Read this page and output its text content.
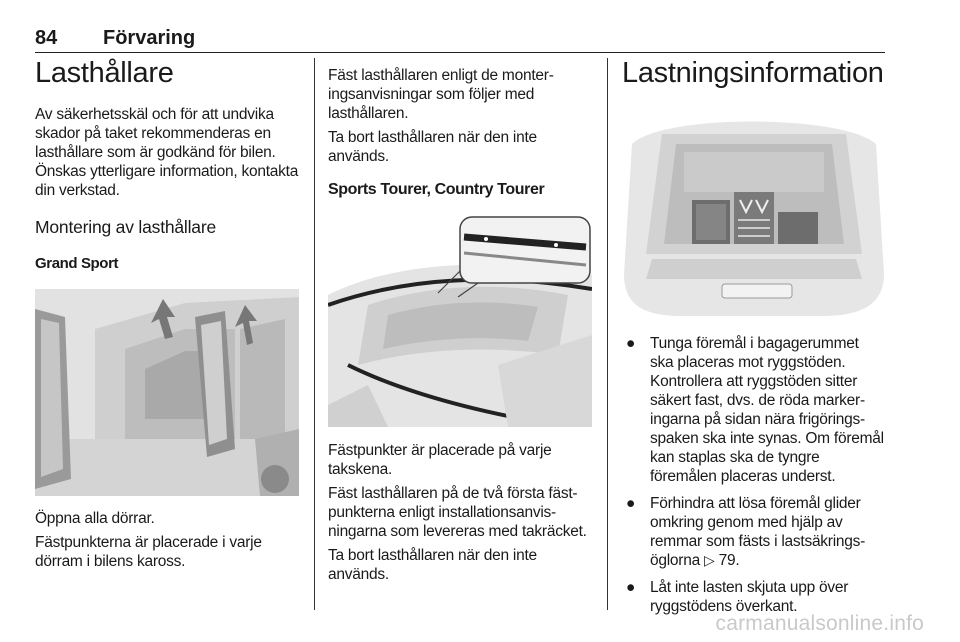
84 Förvaring
Lasthållare

Av säkerhetsskäl och för att undvika skador på taket rekommenderas en lasthållare som är godkänd för bilen. Önskas ytterligare information, kontakta din verkstad.

Montering av lasthållare
Grand Sport

Öppna alla dörrar.

Fästpunkterna är placerade i varje dörram i bilens kaross.

Fäst lasthållaren enligt de monteringsanvisningar som följer med lasthållaren.

Ta bort lasthållaren när den inte används.

Sports Tourer, Country Tourer

Fästpunkter är placerade på varje takskena.

Fäst lasthållaren på de två första fästpunkterna enligt installationsanvisningarna som levereras med takräcket.

Ta bort lasthållaren när den inte används.

Lastningsinformation
● Tunga föremål i bagagerummet ska placeras mot ryggstöden. Kontrollera att ryggstöden sitter säkert fast, dvs. de röda markeringarna på sidan nära frigöringsspaken ska inte synas. Om föremål kan staplas ska de tyngre föremålen placeras underst.
● Förhindra att lösa föremål glider omkring genom med hjälp av remmar som fästs i lastsäkringsöglorna ▷ 79.
● Låt inte lasten skjuta upp över ryggstödens överkant.
carmanualsonline.info
